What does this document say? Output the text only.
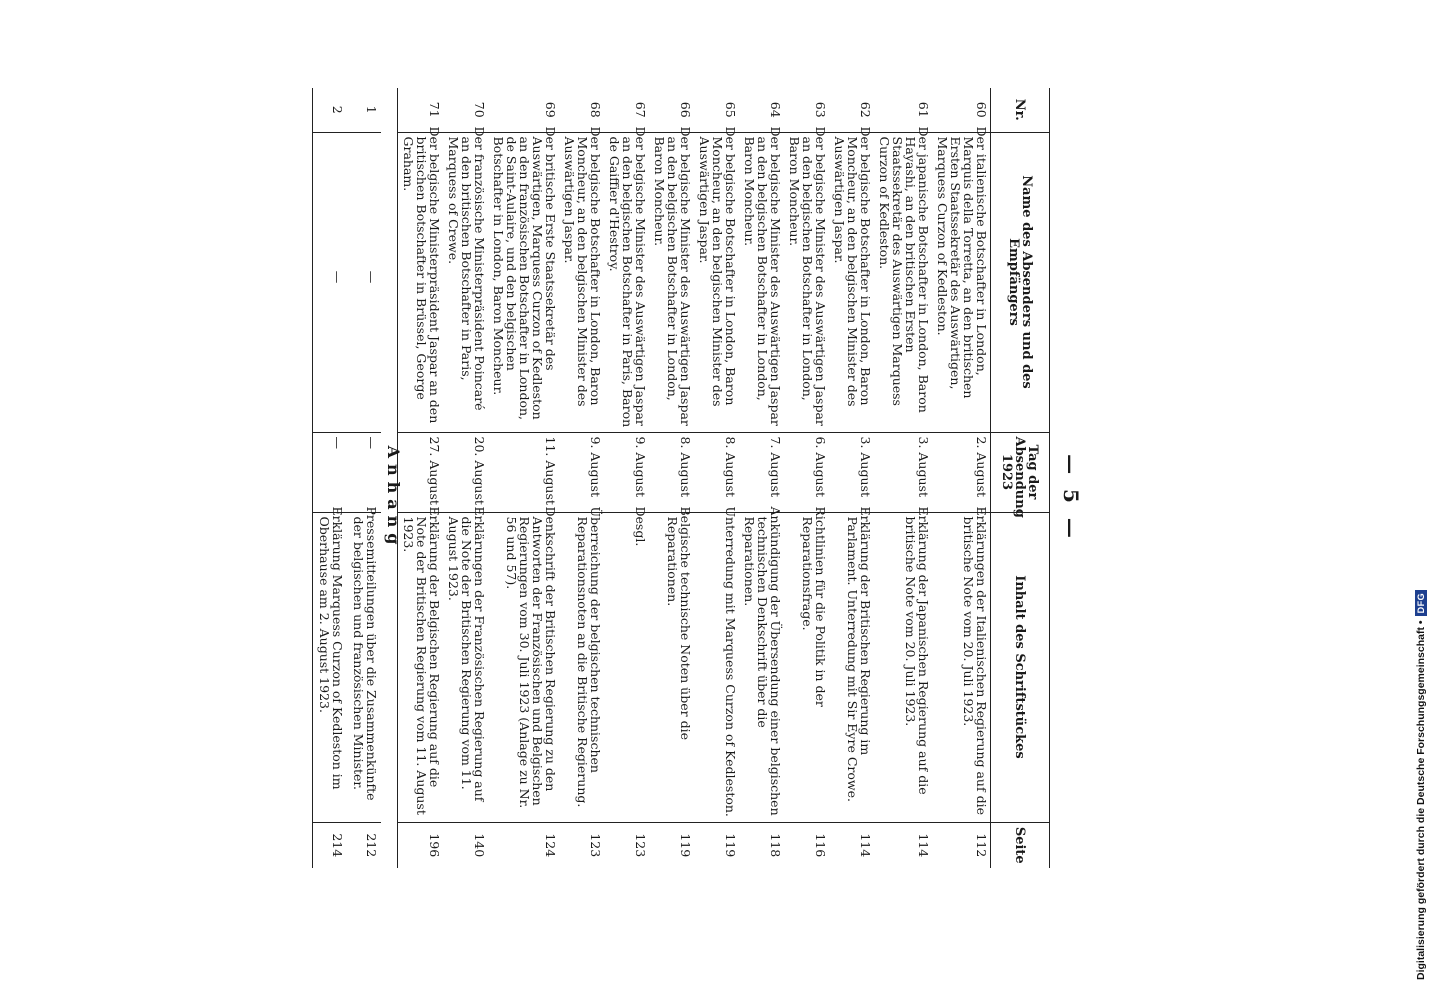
— 5 —
Nr.	Name des Absenders und des Empfängers	Tag der Absendung 1923	Inhalt des Schriftstückes	Seite
60	Der italienische Botschafter in London, Marquis della Torretta, an den britischen Ersten Staatssekretär des Auswärtigen, Marquess Curzon of Kedleston.	2. August	Erklärungen der Italienischen Regierung auf die britische Note vom 20. Juli 1923.	112
61	Der japanische Botschafter in London, Baron Hayashi, an den britischen Ersten Staatssekretär des Auswärtigen Marquess Curzon of Kedleston.	3. August	Erklärung der Japanischen Regierung auf die britische Note vom 20. Juli 1923.	114
62	Der belgische Botschafter in London, Baron Moncheur, an den belgischen Minister des Auswärtigen Jaspar.	3. August	Erklärung der Britischen Regierung im Parlament. Unterredung mit Sir Eyre Crowe.	114
63	Der belgische Minister des Auswärtigen Jaspar an den belgischen Botschafter in London, Baron Moncheur.	6. August	Richtlinien für die Politik in der Reparationsfrage.	116
64	Der belgische Minister des Auswärtigen Jaspar an den belgischen Botschafter in London, Baron Moncheur.	7. August	Ankündigung der Übersendung einer belgischen technischen Denkschrift über die Reparationen.	118
65	Der belgische Botschafter in London, Baron Moncheur, an den belgischen Minister des Auswärtigen Jaspar.	8. August	Unterredung mit Marquess Curzon of Kedleston.	119
66	Der belgische Minister des Auswärtigen Jaspar an den belgischen Botschafter in London, Baron Moncheur.	8. August	Belgische technische Noten über die Reparationen.	119
67	Der belgische Minister des Auswärtigen Jaspar an den belgischen Botschafter in Paris, Baron de Gaiffier d'Hestroy.	9. August	Desgl.	123
68	Der belgische Botschafter in London, Baron Moncheur, an den belgischen Minister des Auswärtigen Jaspar.	9. August	Überreichung der belgischen technischen Reparationsnoten an die Britische Regierung.	123
69	Der britische Erste Staatssekretär des Auswärtigen, Marquess Curzon of Kedleston an den französischen Botschafter in London, de Saint-Aulaire, und den belgischen Botschafter in London, Baron Moncheur.	11. August	Denkschrift der Britischen Regierung zu den Antworten der Französischen und Belgischen Regierungen vom 30. Juli 1923 (Anlage zu Nr. 56 und 57).	124
70	Der französische Ministerpräsident Poincaré an den britischen Botschafter in Paris, Marquess of Crewe.	20. August	Erklärungen der Französischen Regierung auf die Note der Britischen Regierung vom 11. August 1923.	140
71	Der belgische Ministerpräsident Jaspar an den britischen Botschafter in Brüssel, George Graham.	27. August	Erklärung der Belgischen Regierung auf die Note der Britischen Regierung vom 11. August 1923.	196
Anhang
1	—	—	Pressemitteilungen über die Zusammenkünfte der belgischen und französischen Minister.	212
2	—	—	Erklärung Marquess Curzon of Kedleston im Oberhause am 2. August 1923.	214	Digitalisierung gefördert durch die Deutsche Forschungsgemeinschaft •DFG
